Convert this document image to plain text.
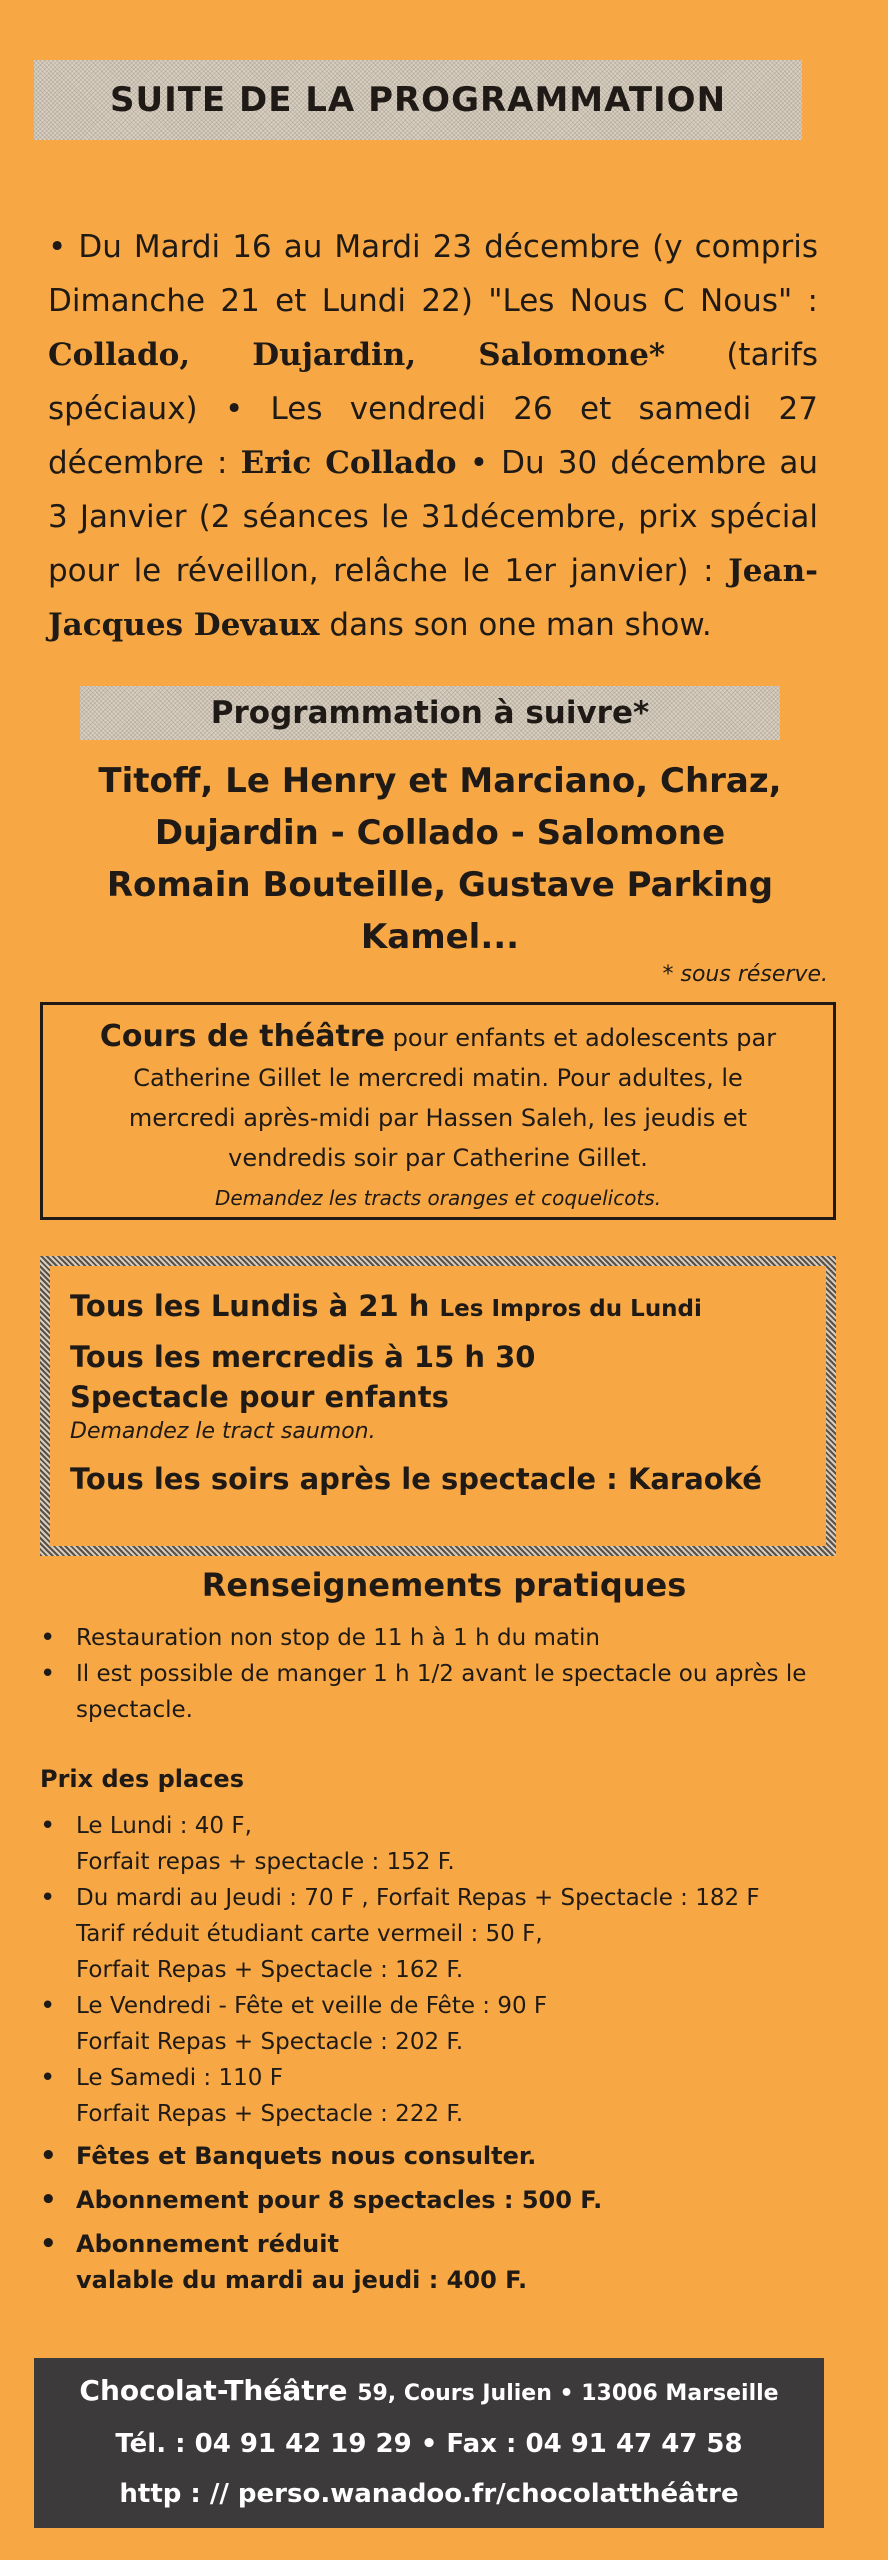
SUITE DE LA PROGRAMMATION
• Du Mardi 16 au Mardi 23 décembre (y compris Dimanche 21 et Lundi 22) "Les Nous C Nous" : Collado, Dujardin, Salomone* (tarifs spéciaux) • Les vendredi 26 et samedi 27 décembre : Eric Collado • Du 30 décembre au 3 Janvier (2 séances le 31décembre, prix spécial pour le réveillon, relâche le 1er janvier) : Jean-Jacques Devaux dans son one man show.
Programmation à suivre*
Titoff, Le Henry et Marciano, Chraz,
Dujardin - Collado - Salomone
Romain Bouteille, Gustave Parking
Kamel...
* sous réserve.
Cours de théâtre pour enfants et adolescents par
Catherine Gillet le mercredi matin. Pour adultes, le
mercredi après-midi par Hassen Saleh, les jeudis et
vendredis soir par Catherine Gillet.
Demandez les tracts oranges et coquelicots.
Tous les Lundis à 21 h Les Impros du Lundi
Tous les mercredis à 15 h 30
Spectacle pour enfants
Demandez le tract saumon.
Tous les soirs après le spectacle : Karaoké
Renseignements pratiques
• Restauration non stop de 11 h à 1 h du matin
• Il est possible de manger 1 h 1/2 avant le spectacle ou après le spectacle.
Prix des places
• Le Lundi : 40 F,
Forfait repas + spectacle : 152 F.
• Du mardi au Jeudi : 70 F , Forfait Repas + Spectacle : 182 F
Tarif réduit étudiant carte vermeil : 50 F,
Forfait Repas + Spectacle : 162 F.
• Le Vendredi - Fête et veille de Fête : 90 F
Forfait Repas + Spectacle : 202 F.
• Le Samedi : 110 F
Forfait Repas + Spectacle : 222 F.
• Fêtes et Banquets nous consulter.
• Abonnement pour 8 spectacles : 500 F.
• Abonnement réduit
valable du mardi au jeudi : 400 F.
Chocolat-Théâtre 59, Cours Julien • 13006 Marseille
Tél. : 04 91 42 19 29 • Fax : 04 91 47 47 58
http : // perso.wanadoo.fr/chocolatthéâtre
